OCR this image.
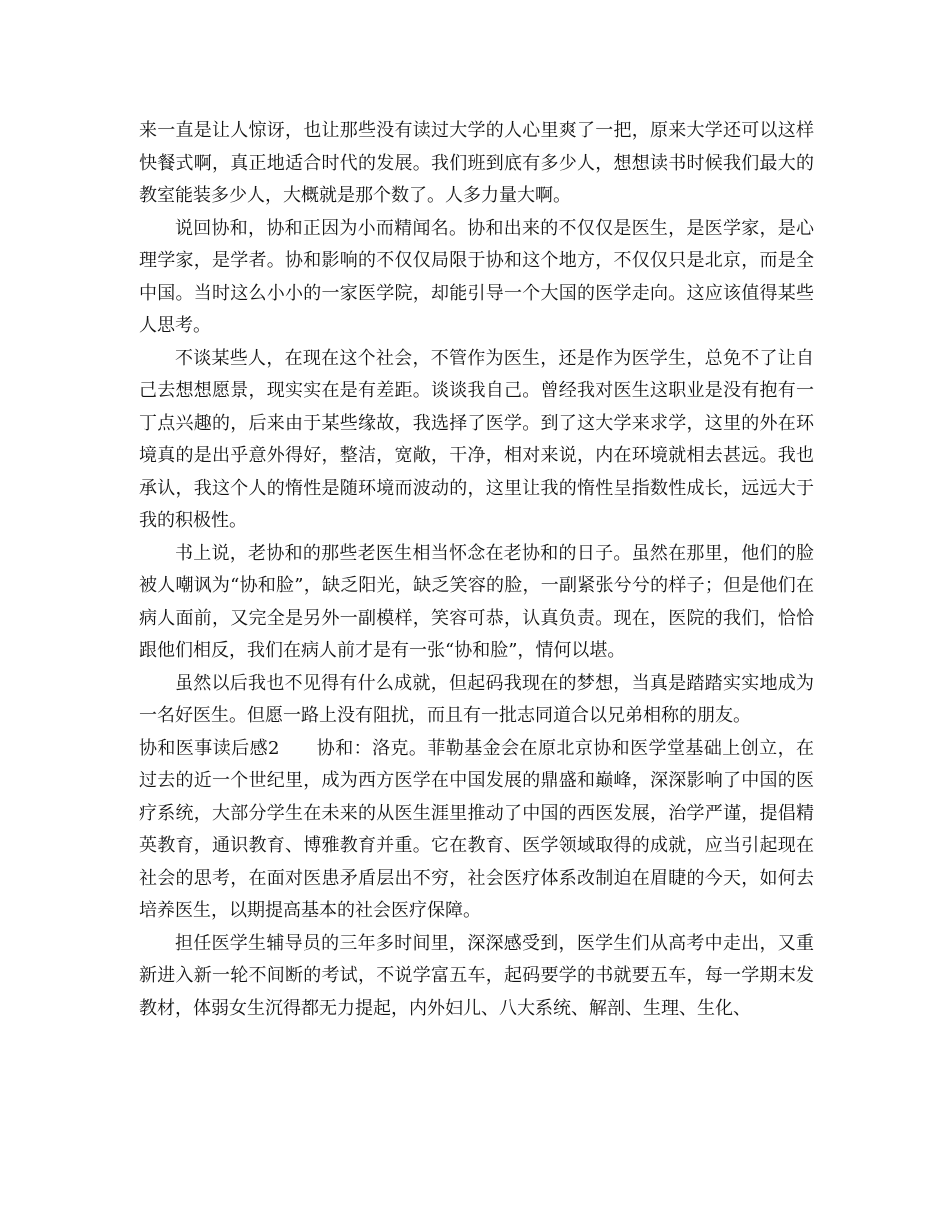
来一直是让人惊讶，也让那些没有读过大学的人心里爽了一把，原来大学还可以这样快餐式啊，真正地适合时代的发展。我们班到底有多少人，想想读书时候我们最大的教室能装多少人，大概就是那个数了。人多力量大啊。

说回协和，协和正因为小而精闻名。协和出来的不仅仅是医生，是医学家，是心理学家，是学者。协和影响的不仅仅局限于协和这个地方，不仅仅只是北京，而是全中国。当时这么小小的一家医学院，却能引导一个大国的医学走向。这应该值得某些人思考。

不谈某些人，在现在这个社会，不管作为医生，还是作为医学生，总免不了让自己去想想愿景，现实实在是有差距。谈谈我自己。曾经我对医生这职业是没有抱有一丁点兴趣的，后来由于某些缘故，我选择了医学。到了这大学来求学，这里的外在环境真的是出乎意外得好，整洁，宽敞，干净，相对来说，内在环境就相去甚远。我也承认，我这个人的惰性是随环境而波动的，这里让我的惰性呈指数性成长，远远大于我的积极性。

书上说，老协和的那些老医生相当怀念在老协和的日子。虽然在那里，他们的脸被人嘲讽为“协和脸”，缺乏阳光，缺乏笑容的脸，一副紧张兮兮的样子；但是他们在病人面前，又完全是另外一副模样，笑容可恭，认真负责。现在，医院的我们，恰恰跟他们相反，我们在病人前才是有一张“协和脸”，情何以堪。

虽然以后我也不见得有什么成就，但起码我现在的梦想，当真是踏踏实实地成为一名好医生。但愿一路上没有阻扰，而且有一批志同道合以兄弟相称的朋友。

协和医事读后感2　　协和：洛克。菲勒基金会在原北京协和医学堂基础上创立，在过去的近一个世纪里，成为西方医学在中国发展的鼎盛和巅峰，深深影响了中国的医疗系统，大部分学生在未来的从医生涯里推动了中国的西医发展，治学严谨，提倡精英教育，通识教育、博雅教育并重。它在教育、医学领域取得的成就，应当引起现在社会的思考，在面对医患矛盾层出不穷，社会医疗体系改制迫在眉睫的今天，如何去培养医生，以期提高基本的社会医疗保障。

担任医学生辅导员的三年多时间里，深深感受到，医学生们从高考中走出，又重新进入新一轮不间断的考试，不说学富五车，起码要学的书就要五车，每一学期末发教材，体弱女生沉得都无力提起，内外妇儿、八大系统、解剖、生理、生化、
